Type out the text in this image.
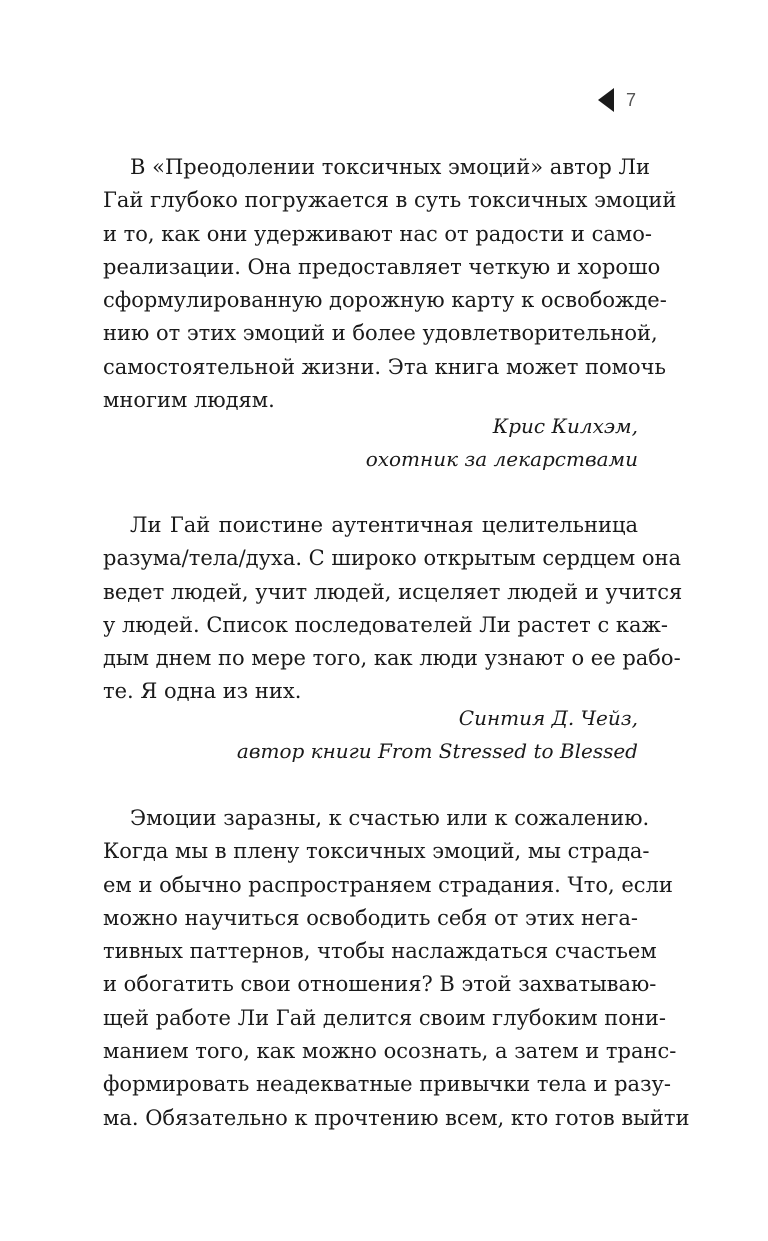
7
В «Преодолении токсичных эмоций» автор Ли
Гай глубоко погружается в суть токсичных эмоций
и то, как они удерживают нас от радости и само-
реализации. Она предоставляет четкую и хорошо
сформулированную дорожную карту к освобожде-
нию от этих эмоций и более удовлетворительной,
самостоятельной жизни. Эта книга может помочь
многим людям.
Крис Килхэм,
охотник за лекарствами
Ли Гай поистине аутентичная целительница
разума/тела/духа. С широко открытым сердцем она
ведет людей, учит людей, исцеляет людей и учится
у людей. Список последователей Ли растет с каж-
дым днем по мере того, как люди узнают о ее рабо-
те. Я одна из них.
Синтия Д. Чейз,
автор книги From Stressed to Blessed
Эмоции заразны, к счастью или к сожалению.
Когда мы в плену токсичных эмоций, мы страда-
ем и обычно распространяем страдания. Что, если
можно научиться освободить себя от этих нега-
тивных паттернов, чтобы наслаждаться счастьем
и обогатить свои отношения? В этой захватываю-
щей работе Ли Гай делится своим глубоким пони-
манием того, как можно осознать, а затем и транс-
формировать неадекватные привычки тела и разу-
ма. Обязательно к прочтению всем, кто готов выйти
